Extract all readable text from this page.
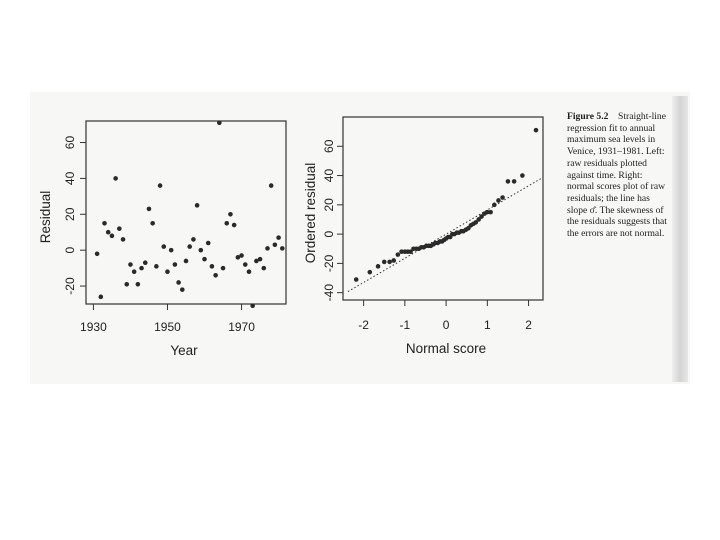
1930	1950	1970
-20
0
20
40
60
Year
Residual
-2	-1	0	1	2
-40
-20
0
20
40
60
Normal score
Ordered residual
Figure 5.2 Straight-line
regression fit to annual
maximum sea levels in
Venice, 1931–1981. Left:
raw residuals plotted
against time. Right:
normal scores plot of raw
residuals; the line has
slope σ̂. The skewness of
the residuals suggests that
the errors are not normal.
